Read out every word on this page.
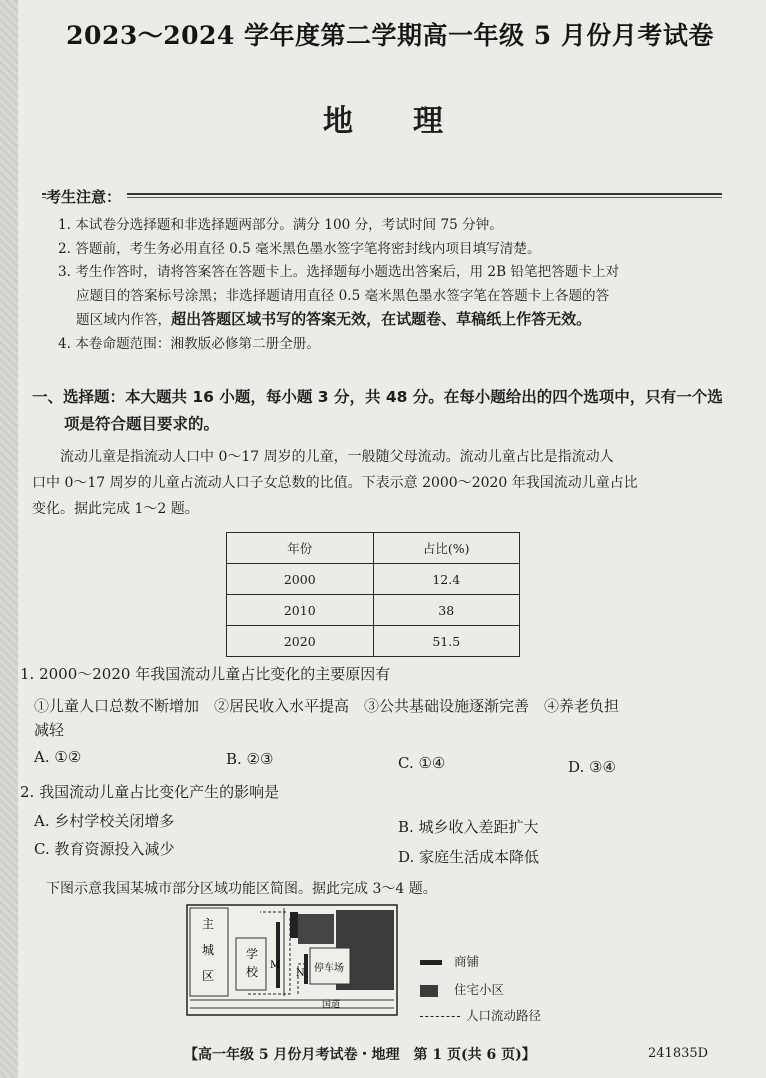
2023～2024 学年度第二学期高一年级 5 月份月考试卷
地理
考生注意：

1. 本试卷分选择题和非选择题两部分。满分 100 分，考试时间 75 分钟。

2. 答题前，考生务必用直径 0.5 毫米黑色墨水签字笔将密封线内项目填写清楚。

3. 考生作答时，请将答案答在答题卡上。选择题每小题选出答案后，用 2B 铅笔把答题卡上对

应题目的答案标号涂黑；非选择题请用直径 0.5 毫米黑色墨水签字笔在答题卡上各题的答

题区域内作答，超出答题区域书写的答案无效，在试题卷、草稿纸上作答无效。

4. 本卷命题范围：湘教版必修第二册全册。

一、选择题：本大题共 16 小题，每小题 3 分，共 48 分。在每小题给出的四个选项中，只有一个选
项是符合题目要求的。

流动儿童是指流动人口中 0～17 周岁的儿童，一般随父母流动。流动儿童占比是指流动人

口中 0～17 周岁的儿童占流动人口子女总数的比值。下表示意 2000～2020 年我国流动儿童占比

变化。据此完成 1～2 题。

年份	占比(%)
2000	12.4
2010	38
2020	51.5
1. 2000～2020 年我国流动儿童占比变化的主要原因有
①儿童人口总数不断增加　②居民收入水平提高　③公共基础设施逐渐完善　④养老负担
减轻
A. ①②	B. ②③	C. ①④	D. ③④
2. 我国流动儿童占比变化产生的影响是
A. 乡村学校关闭增多	B. 城乡收入差距扩大
C. 教育资源投入减少	D. 家庭生活成本降低
下图示意我国某城市部分区域功能区简图。据此完成 3～4 题。
主
城
区
学
校 M
N 停车场
国道
商铺
住宅小区
人口流动路径
【高一年级 5 月份月考试卷・地理　第 1 页(共 6 页)】	241835D
